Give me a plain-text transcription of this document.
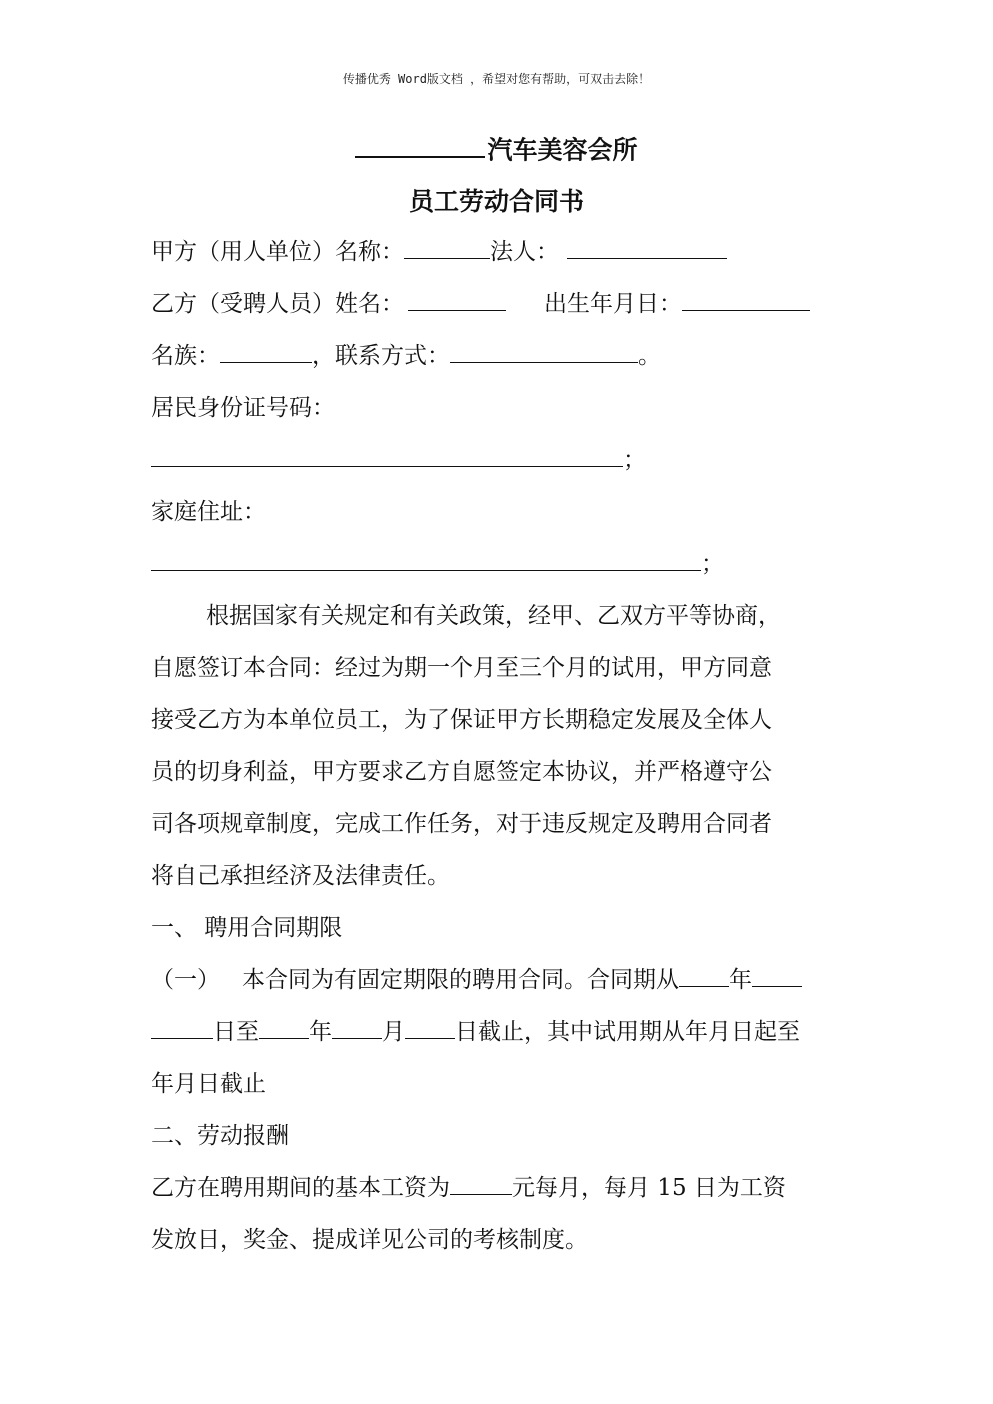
传播优秀 Word版文档 ，希望对您有帮助，可双击去除！
汽车美容会所
员工劳动合同书
甲方（用人单位）名称：	法人：
乙方（受聘人员）姓名：	出生年月日：
名族：	，联系方式：	。
居民身份证号码：
；
家庭住址：
；
根据国家有关规定和有关政策，经甲、乙双方平等协商，
自愿签订本合同：经过为期一个月至三个月的试用，甲方同意
接受乙方为本单位员工，为了保证甲方长期稳定发展及全体人
员的切身利益，甲方要求乙方自愿签定本协议，并严格遵守公
司各项规章制度，完成工作任务，对于违反规定及聘用合同者
将自己承担经济及法律责任。
一、 聘用合同期限
（一） 本合同为有固定期限的聘用合同。合同期从 年
日至 年 月 日截止，其中试用期从年月日起至
年月日截止
二、劳动报酬
乙方在聘用期间的基本工资为	元每月，每月 15 日为工资
发放日，奖金、提成详见公司的考核制度。
